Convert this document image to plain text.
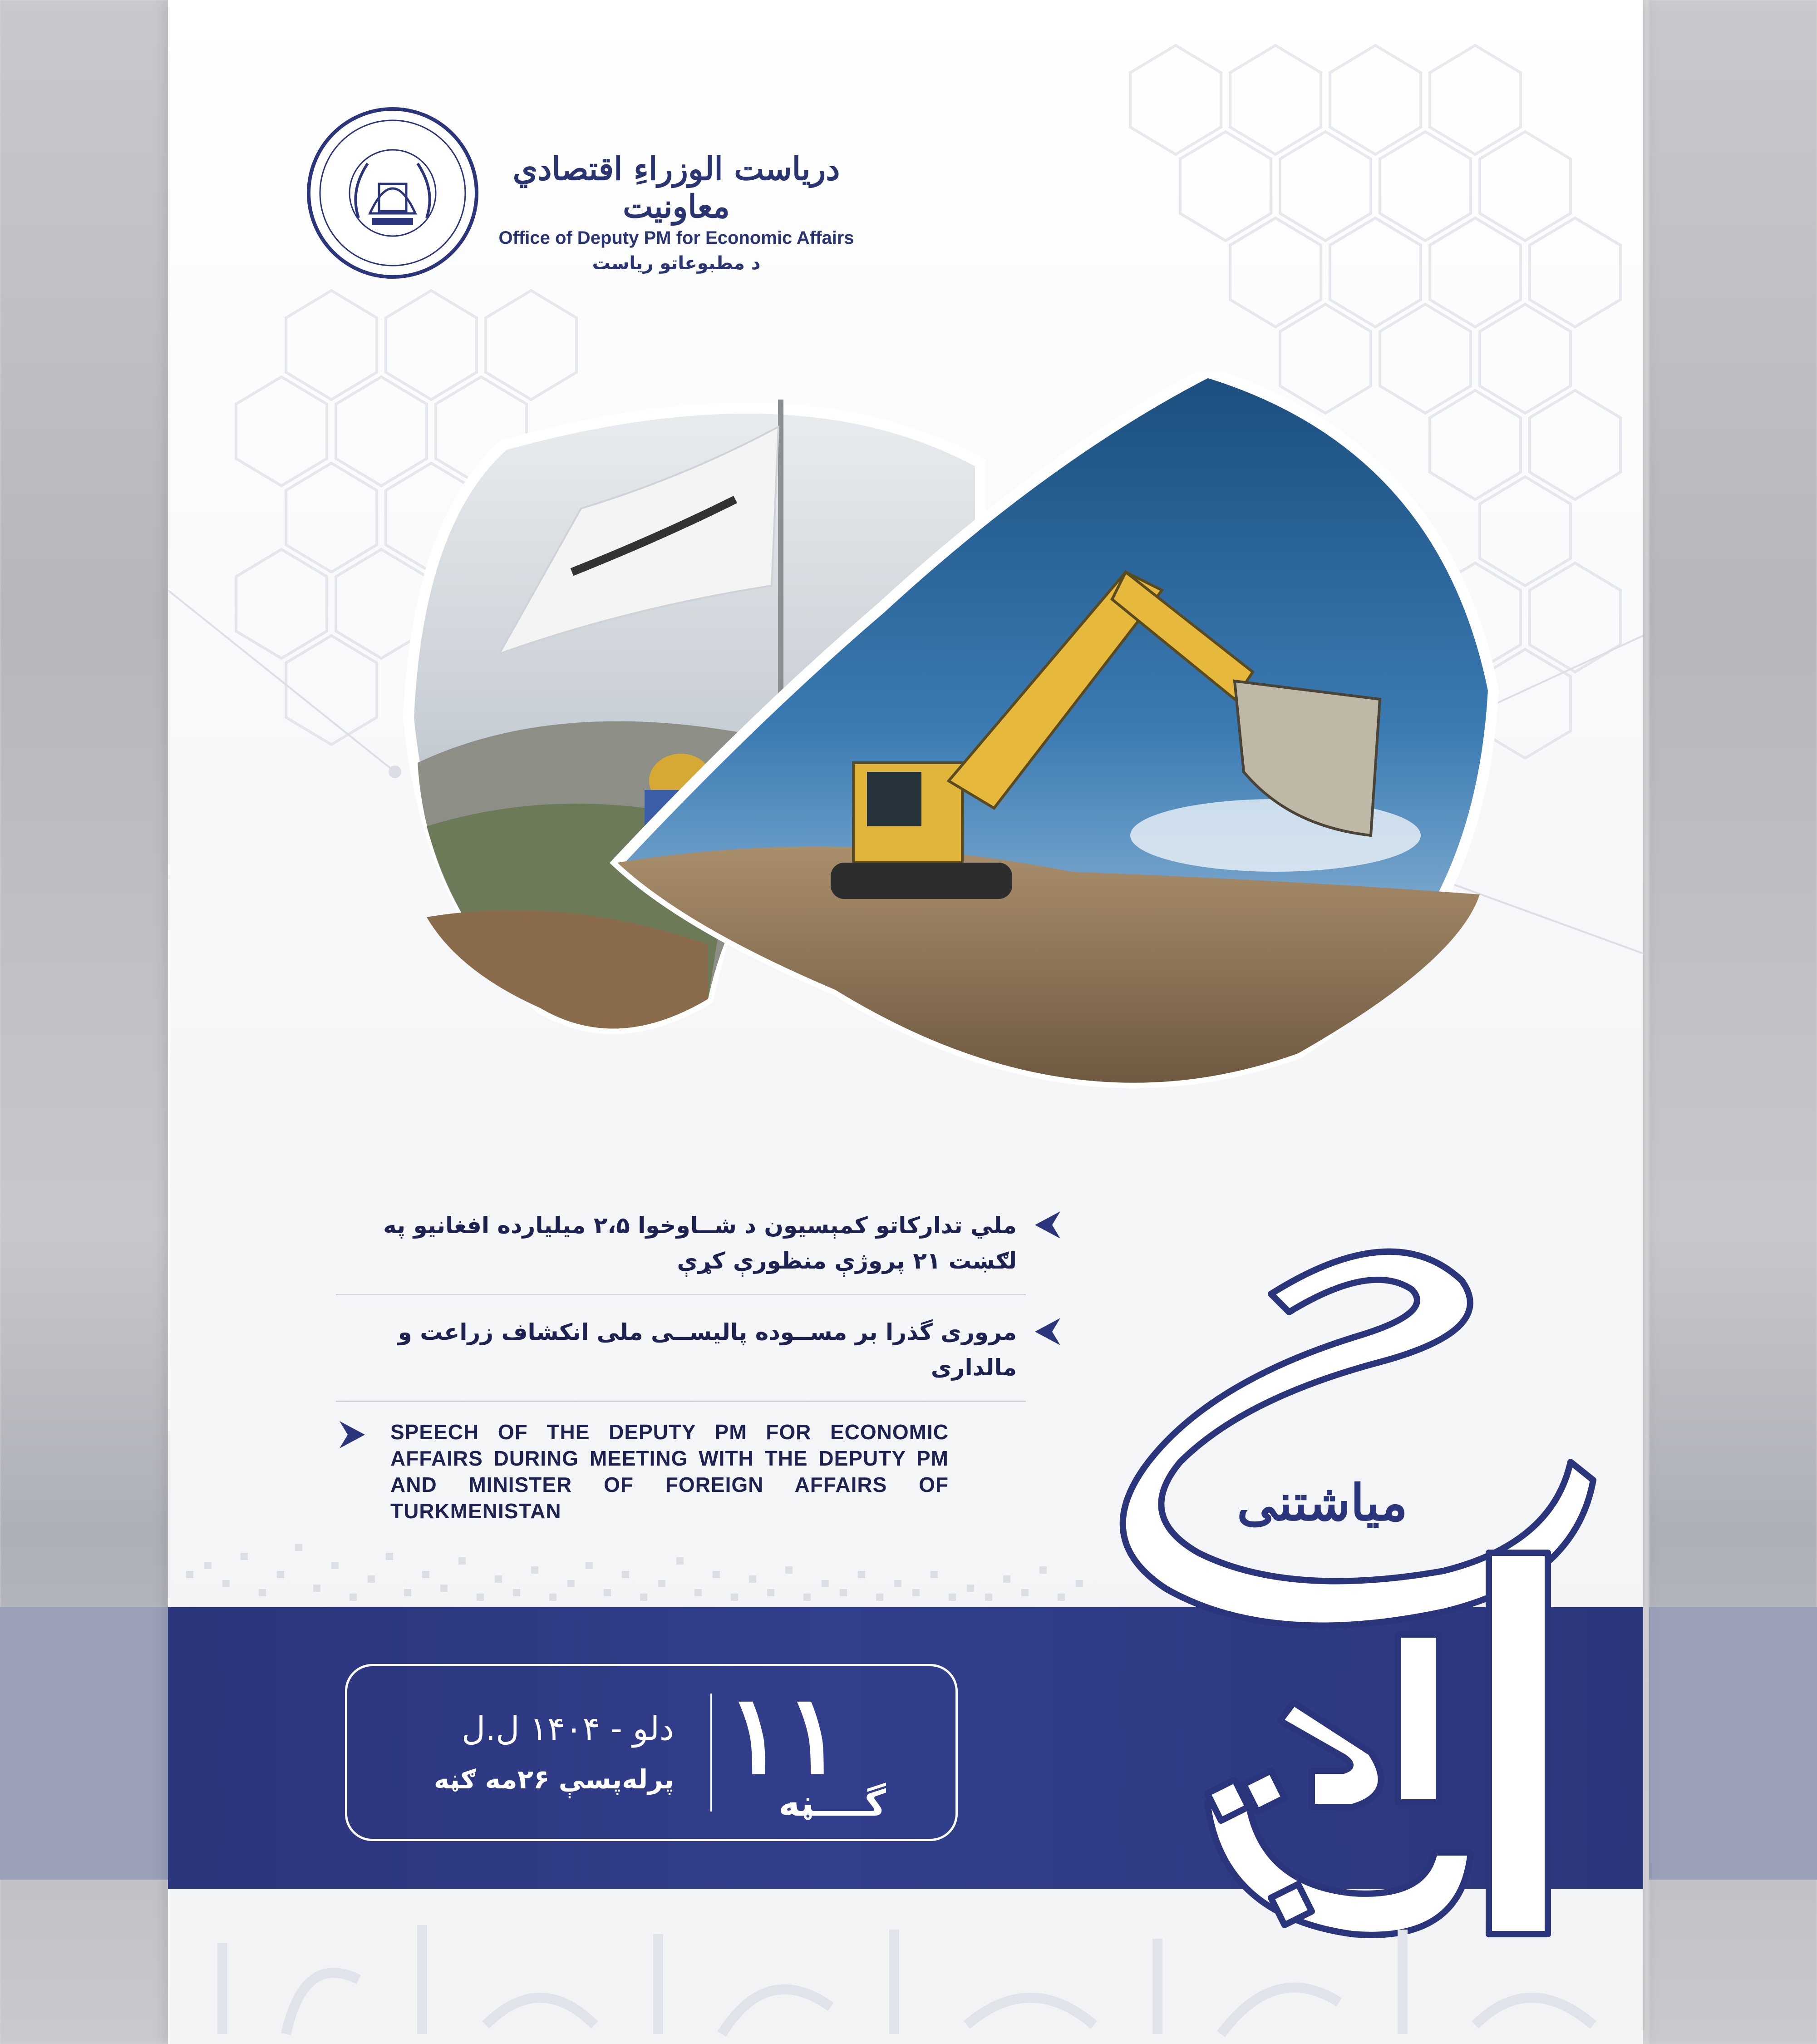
دریاست الوزراءِ اقتصادي معاونیت
Office of Deputy PM for Economic Affairs
د مطبوعاتو ریاست
ملي تدارکاتو کمېسیون د شــاوخوا ۲،۵ میلیارده افغانیو په لګښت ۲۱ پروژې منظورې کړې
مروری گذرا بر مســوده پالیســی ملی انکشاف زراعت و مالداری
SPEECH OF THE DEPUTY PM FOR ECONOMIC AFFAIRS DURING MEETING WITH THE DEPUTY PM AND MINISTER OF FOREIGN AFFAIRS OF TURKMENISTAN
دلو - ۱۴۰۴ ل.ل
پرلەپسې ۲۶مه ګڼه ۱۱
گــــڼه
میاشتنی
